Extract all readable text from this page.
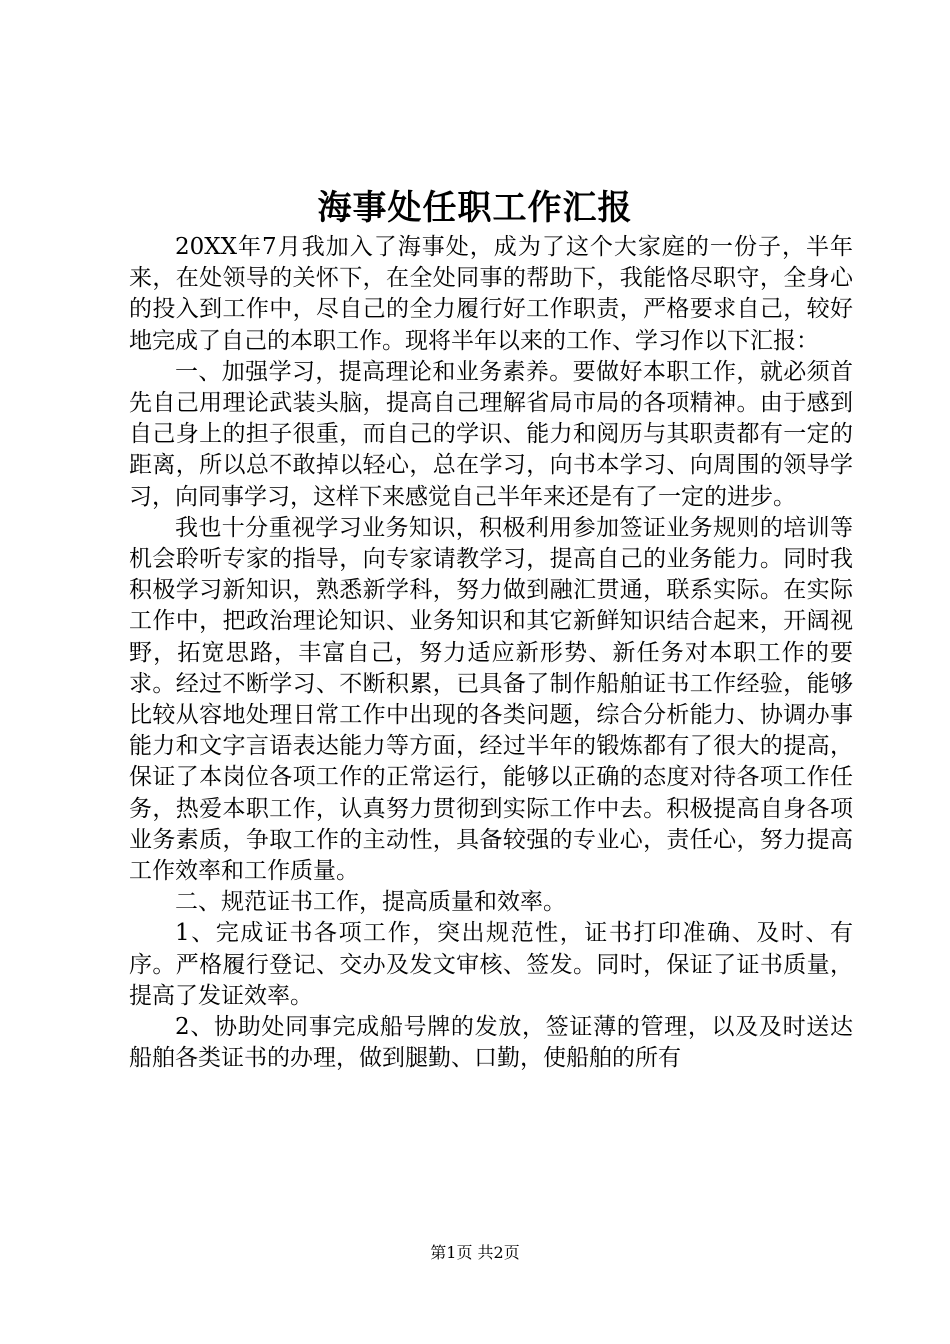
海事处任职工作汇报

20XX年7月我加入了海事处，成为了这个大家庭的一份子，半年来，在处领导的关怀下，在全处同事的帮助下，我能恪尽职守，全身心的投入到工作中，尽自己的全力履行好工作职责，严格要求自己，较好地完成了自己的本职工作。现将半年以来的工作、学习作以下汇报：

一、加强学习，提高理论和业务素养。要做好本职工作，就必须首先自己用理论武装头脑，提高自己理解省局市局的各项精神。由于感到自己身上的担子很重，而自己的学识、能力和阅历与其职责都有一定的距离，所以总不敢掉以轻心，总在学习，向书本学习、向周围的领导学习，向同事学习，这样下来感觉自己半年来还是有了一定的进步。

我也十分重视学习业务知识，积极利用参加签证业务规则的培训等机会聆听专家的指导，向专家请教学习，提高自己的业务能力。同时我积极学习新知识，熟悉新学科，努力做到融汇贯通，联系实际。在实际工作中，把政治理论知识、业务知识和其它新鲜知识结合起来，开阔视野，拓宽思路，丰富自己，努力适应新形势、新任务对本职工作的要求。经过不断学习、不断积累，已具备了制作船舶证书工作经验，能够比较从容地处理日常工作中出现的各类问题，综合分析能力、协调办事能力和文字言语表达能力等方面，经过半年的锻炼都有了很大的提高，保证了本岗位各项工作的正常运行，能够以正确的态度对待各项工作任务，热爱本职工作，认真努力贯彻到实际工作中去。积极提高自身各项业务素质，争取工作的主动性，具备较强的专业心，责任心，努力提高工作效率和工作质量。

二、规范证书工作，提高质量和效率。

1、完成证书各项工作，突出规范性，证书打印准确、及时、有序。严格履行登记、交办及发文审核、签发。同时，保证了证书质量，提高了发证效率。

2、协助处同事完成船号牌的发放，签证薄的管理，以及及时送达船舶各类证书的办理，做到腿勤、口勤，使船舶的所有

第1页 共2页
